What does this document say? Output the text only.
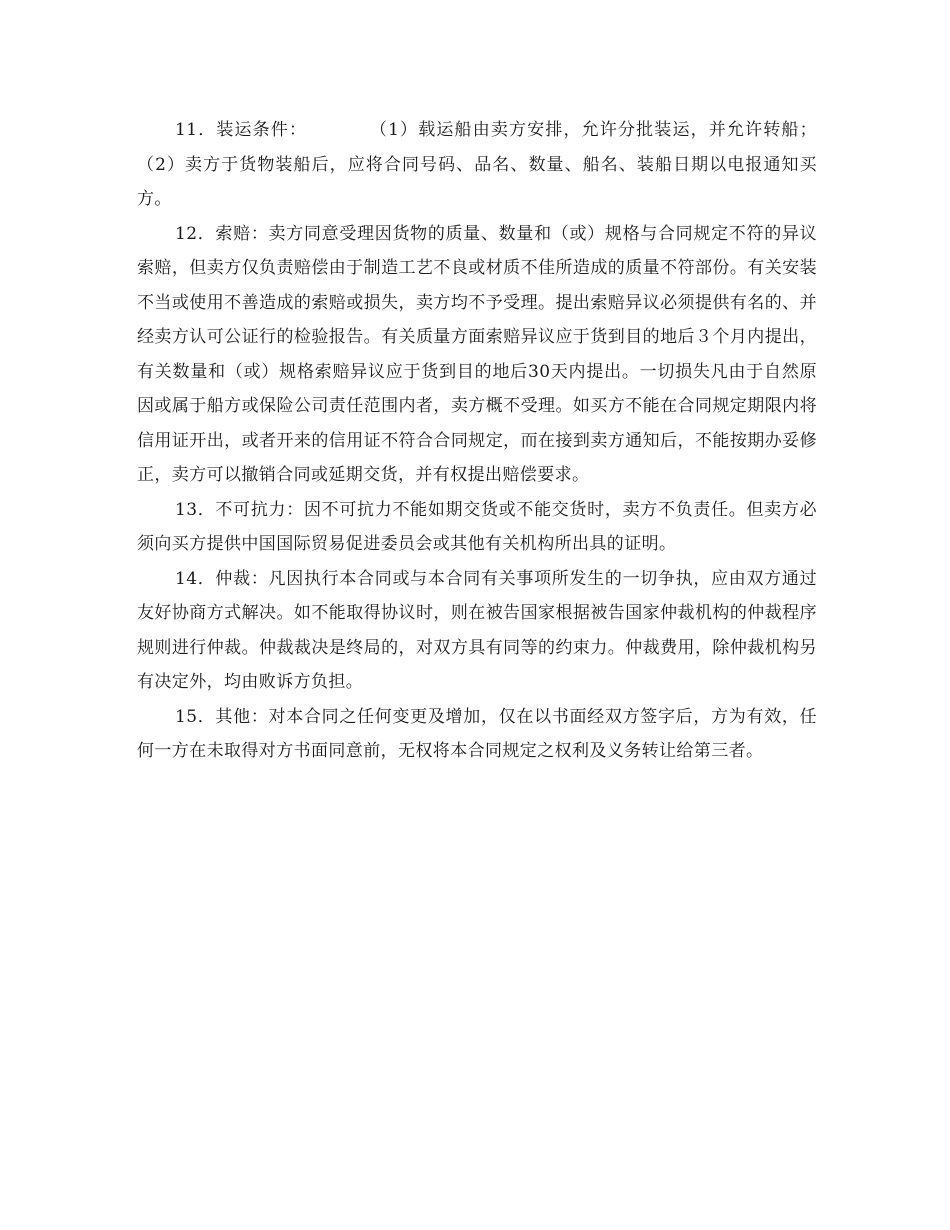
11．装运条件：	（1）载运船由卖方安排，允许分批装运，并允许转船；（2）卖方于货物装船后，应将合同号码、品名、数量、船名、装船日期以电报通知买方。

12．索赔：卖方同意受理因货物的质量、数量和（或）规格与合同规定不符的异议索赔，但卖方仅负责赔偿由于制造工艺不良或材质不佳所造成的质量不符部份。有关安装不当或使用不善造成的索赔或损失，卖方均不予受理。提出索赔异议必须提供有名的、并经卖方认可公证行的检验报告。有关质量方面索赔异议应于货到目的地后３个月内提出，有关数量和（或）规格索赔异议应于货到目的地后30天内提出。一切损失凡由于自然原因或属于船方或保险公司责任范围内者，卖方概不受理。如买方不能在合同规定期限内将信用证开出，或者开来的信用证不符合合同规定，而在接到卖方通知后，不能按期办妥修正，卖方可以撤销合同或延期交货，并有权提出赔偿要求。

13．不可抗力：因不可抗力不能如期交货或不能交货时，卖方不负责任。但卖方必须向买方提供中国国际贸易促进委员会或其他有关机构所出具的证明。

14．仲裁：凡因执行本合同或与本合同有关事项所发生的一切争执，应由双方通过友好协商方式解决。如不能取得协议时，则在被告国家根据被告国家仲裁机构的仲裁程序规则进行仲裁。仲裁裁决是终局的，对双方具有同等的约束力。仲裁费用，除仲裁机构另有决定外，均由败诉方负担。

15．其他：对本合同之任何变更及增加，仅在以书面经双方签字后，方为有效，任何一方在未取得对方书面同意前，无权将本合同规定之权利及义务转让给第三者。
